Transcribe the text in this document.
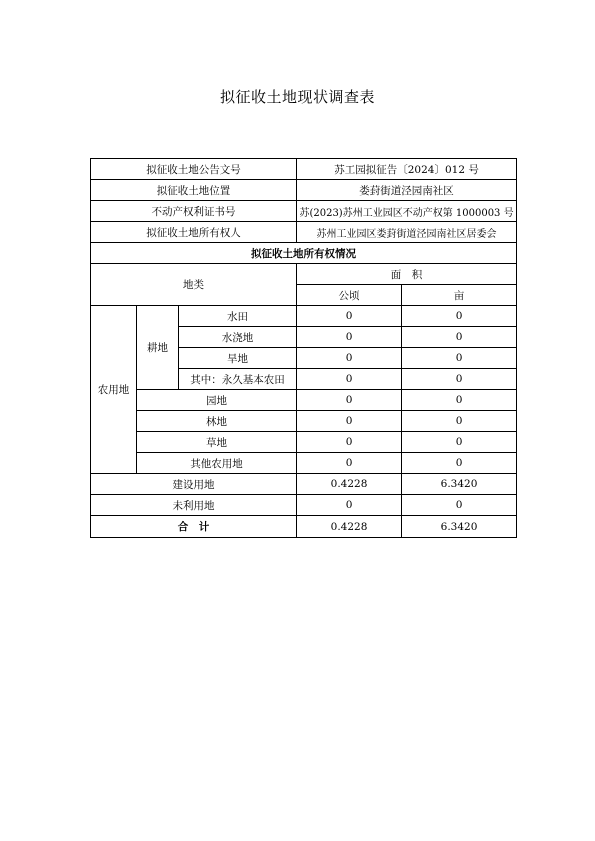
拟征收土地现状调查表
拟征收土地公告文号			苏工园拟征告〔2024〕012 号	
拟征收土地位置			娄葑街道泾园南社区	
不动产权利证书号			苏(2023)苏州工业园区不动产权第 1000003 号	
拟征收土地所有权人			苏州工业园区娄葑街道泾园南社区居委会	
拟征收土地所有权情况				
地类			面　积	
			公顷	亩
农用地	耕地	水田	0	0
		水浇地	0	0
		旱地	0	0
		其中：永久基本农田	0	0
	园地		0	0
	林地		0	0
	草地		0	0
	其他农用地		0	0
建设用地			0.4228	6.3420
未利用地			0	0
合　计			0.4228	6.3420
